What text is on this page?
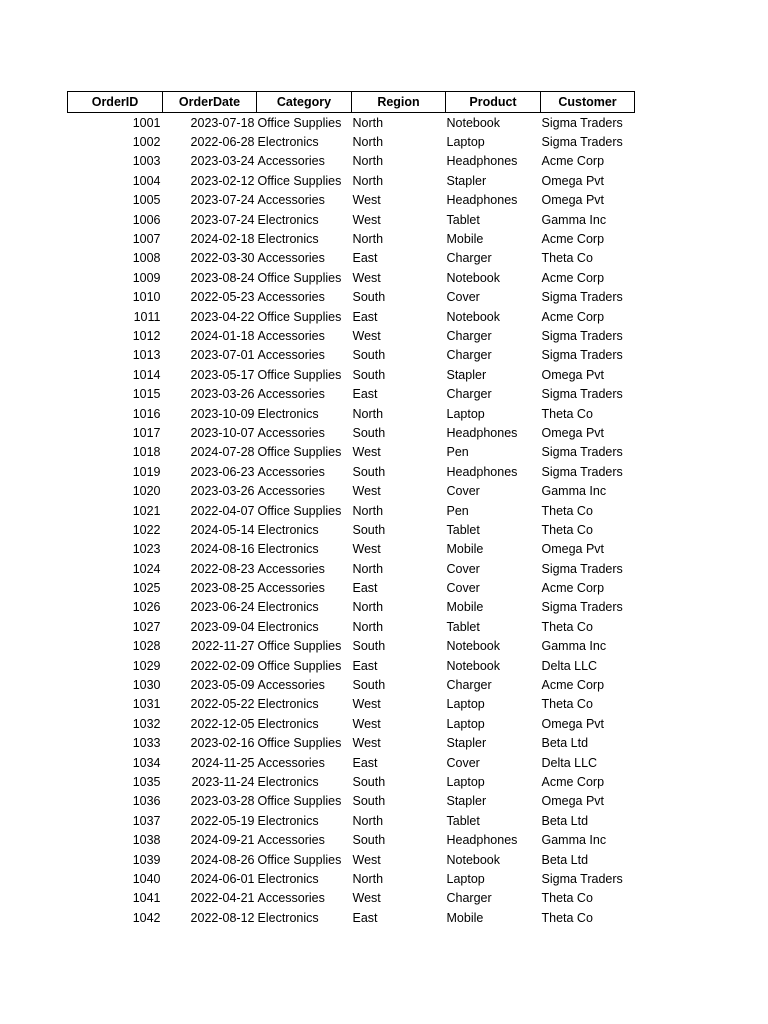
OrderID	OrderDate	Category	Region	Product	Customer
1001	2023-07-18	Office Supplies	North	Notebook	Sigma Traders
1002	2022-06-28	Electronics	North	Laptop	Sigma Traders
1003	2023-03-24	Accessories	North	Headphones	Acme Corp
1004	2023-02-12	Office Supplies	North	Stapler	Omega Pvt
1005	2023-07-24	Accessories	West	Headphones	Omega Pvt
1006	2023-07-24	Electronics	West	Tablet	Gamma Inc
1007	2024-02-18	Electronics	North	Mobile	Acme Corp
1008	2022-03-30	Accessories	East	Charger	Theta Co
1009	2023-08-24	Office Supplies	West	Notebook	Acme Corp
1010	2022-05-23	Accessories	South	Cover	Sigma Traders
1011	2023-04-22	Office Supplies	East	Notebook	Acme Corp
1012	2024-01-18	Accessories	West	Charger	Sigma Traders
1013	2023-07-01	Accessories	South	Charger	Sigma Traders
1014	2023-05-17	Office Supplies	South	Stapler	Omega Pvt
1015	2023-03-26	Accessories	East	Charger	Sigma Traders
1016	2023-10-09	Electronics	North	Laptop	Theta Co
1017	2023-10-07	Accessories	South	Headphones	Omega Pvt
1018	2024-07-28	Office Supplies	West	Pen	Sigma Traders
1019	2023-06-23	Accessories	South	Headphones	Sigma Traders
1020	2023-03-26	Accessories	West	Cover	Gamma Inc
1021	2022-04-07	Office Supplies	North	Pen	Theta Co
1022	2024-05-14	Electronics	South	Tablet	Theta Co
1023	2024-08-16	Electronics	West	Mobile	Omega Pvt
1024	2022-08-23	Accessories	North	Cover	Sigma Traders
1025	2023-08-25	Accessories	East	Cover	Acme Corp
1026	2023-06-24	Electronics	North	Mobile	Sigma Traders
1027	2023-09-04	Electronics	North	Tablet	Theta Co
1028	2022-11-27	Office Supplies	South	Notebook	Gamma Inc
1029	2022-02-09	Office Supplies	East	Notebook	Delta LLC
1030	2023-05-09	Accessories	South	Charger	Acme Corp
1031	2022-05-22	Electronics	West	Laptop	Theta Co
1032	2022-12-05	Electronics	West	Laptop	Omega Pvt
1033	2023-02-16	Office Supplies	West	Stapler	Beta Ltd
1034	2024-11-25	Accessories	East	Cover	Delta LLC
1035	2023-11-24	Electronics	South	Laptop	Acme Corp
1036	2023-03-28	Office Supplies	South	Stapler	Omega Pvt
1037	2022-05-19	Electronics	North	Tablet	Beta Ltd
1038	2024-09-21	Accessories	South	Headphones	Gamma Inc
1039	2024-08-26	Office Supplies	West	Notebook	Beta Ltd
1040	2024-06-01	Electronics	North	Laptop	Sigma Traders
1041	2022-04-21	Accessories	West	Charger	Theta Co
1042	2022-08-12	Electronics	East	Mobile	Theta Co
